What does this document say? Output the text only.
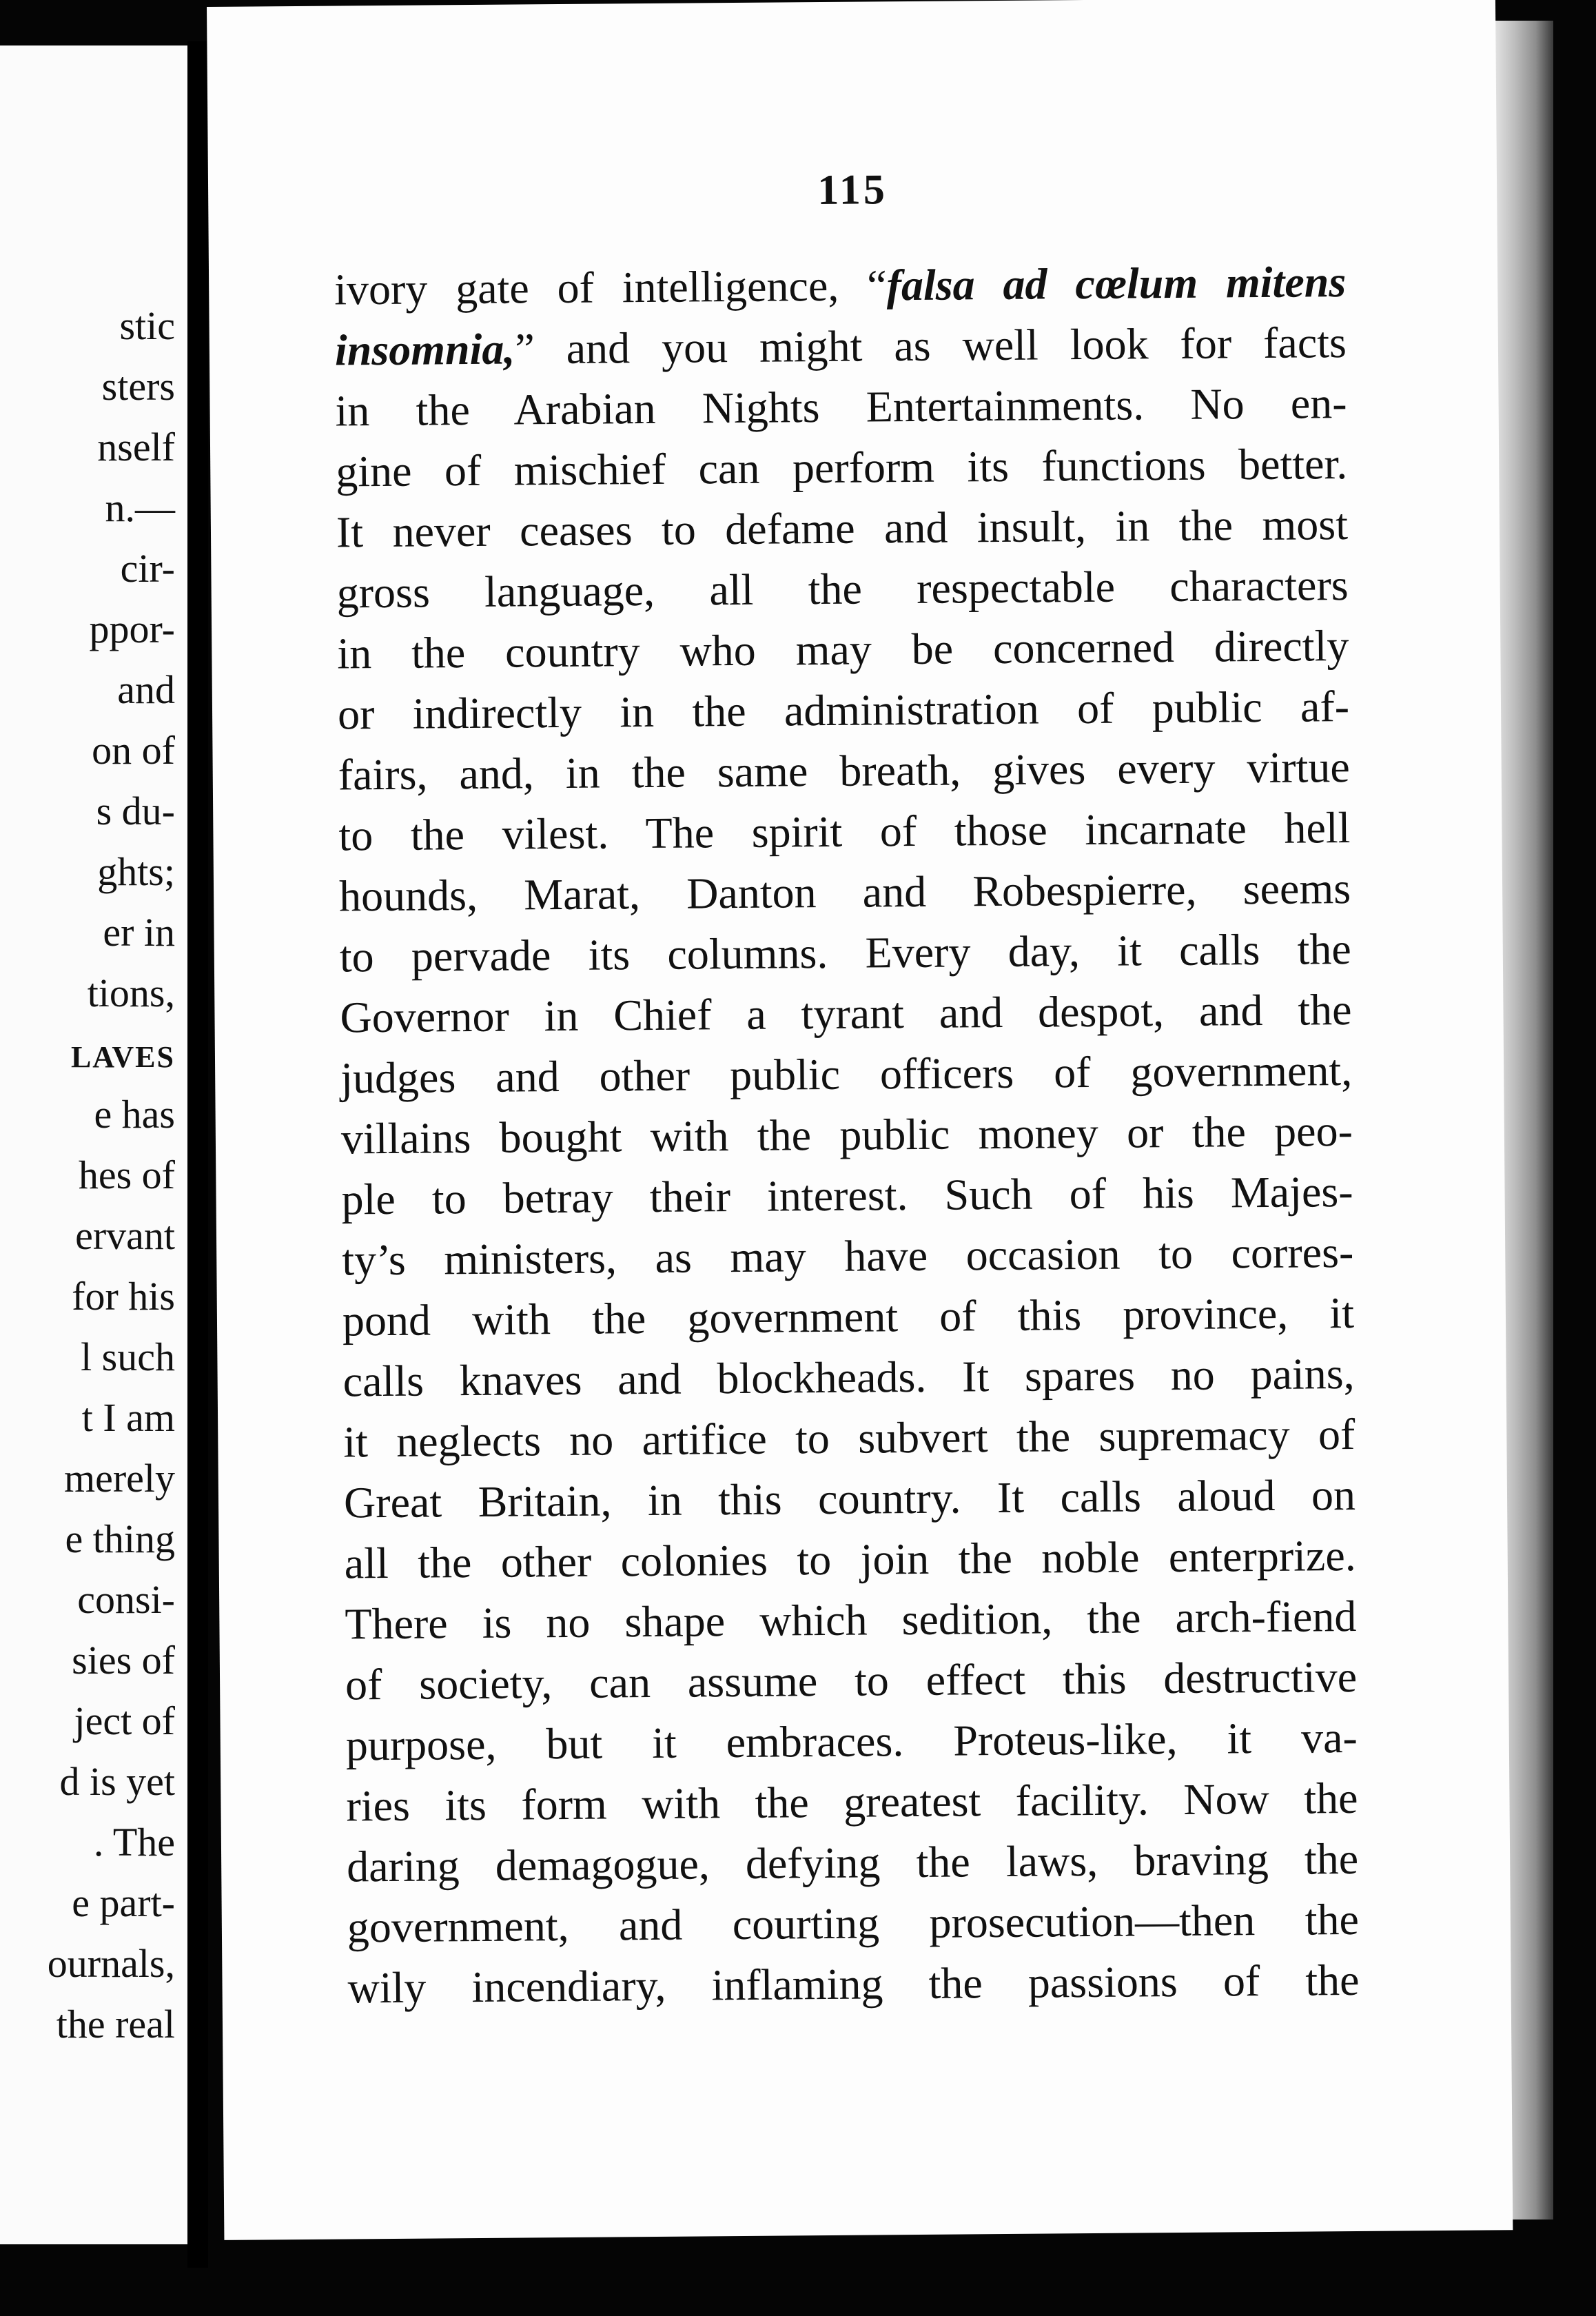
stic
sters
nself
n.—
cir-
ppor-
and
on of
s du-
ghts;
er in
tions,
LAVES
e has
hes of
ervant
for his
l such
t I am
merely
e thing
consi-
sies of
ject of
d is yet
. The
e part-
ournals,
the real
115
ivory gate of intelligence, “falsa ad cœlum mitens
insomnia,” and you might as well look for facts
in the Arabian Nights Entertainments. No en-
gine of mischief can perform its functions better.
It never ceases to defame and insult, in the most
gross language, all the respectable characters
in the country who may be concerned directly
or indirectly in the administration of public af-
fairs, and, in the same breath, gives every virtue
to the vilest. The spirit of those incarnate hell
hounds, Marat, Danton and Robespierre, seems
to pervade its columns. Every day, it calls the
Governor in Chief a tyrant and despot, and the
judges and other public officers of government,
villains bought with the public money or the peo-
ple to betray their interest. Such of his Majes-
ty’s ministers, as may have occasion to corres-
pond with the government of this province, it
calls knaves and blockheads. It spares no pains,
it neglects no artifice to subvert the supremacy of
Great Britain, in this country. It calls aloud on
all the other colonies to join the noble enterprize.
There is no shape which sedition, the arch-fiend
of society, can assume to effect this destructive
purpose, but it embraces. Proteus-like, it va-
ries its form with the greatest facility. Now the
daring demagogue, defying the laws, braving the
government, and courting prosecution—then the
wily incendiary, inflaming the passions of the
